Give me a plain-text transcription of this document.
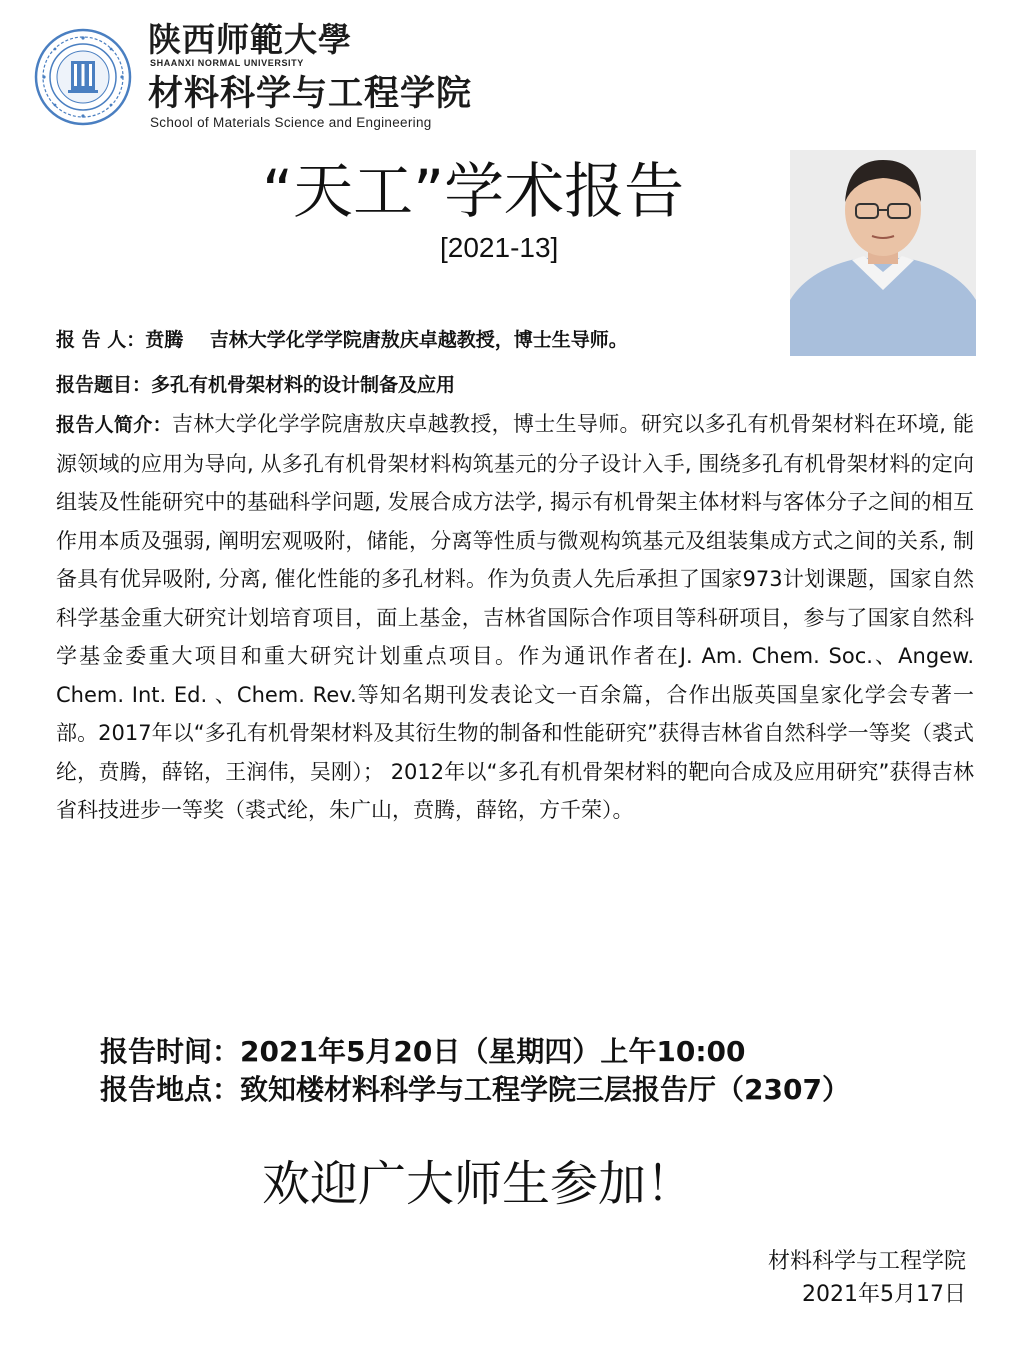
陕西师範大學
SHAANXI NORMAL UNIVERSITY
材料科学与工程学院
School of Materials Science and Engineering
“天工”学术报告
[2021-13]
报 告 人：贲腾 吉林大学化学学院唐敖庆卓越教授，博士生导师。
报告题目：多孔有机骨架材料的设计制备及应用
报告人简介：吉林大学化学学院唐敖庆卓越教授，博士生导师。研究以多孔有机骨架材料在环境, 能源领域的应用为导向, 从多孔有机骨架材料构筑基元的分子设计入手, 围绕多孔有机骨架材料的定向组装及性能研究中的基础科学问题, 发展合成方法学, 揭示有机骨架主体材料与客体分子之间的相互作用本质及强弱, 阐明宏观吸附，储能，分离等性质与微观构筑基元及组装集成方式之间的关系, 制备具有优异吸附, 分离, 催化性能的多孔材料。作为负责人先后承担了国家973计划课题，国家自然科学基金重大研究计划培育项目，面上基金，吉林省国际合作项目等科研项目，参与了国家自然科学基金委重大项目和重大研究计划重点项目。作为通讯作者在J. Am. Chem. Soc.、Angew. Chem. Int. Ed. 、Chem. Rev.等知名期刊发表论文一百余篇，合作出版英国皇家化学会专著一部。2017年以“多孔有机骨架材料及其衍生物的制备和性能研究”获得吉林省自然科学一等奖（裘式纶，贲腾，薛铭，王润伟，吴刚）； 2012年以“多孔有机骨架材料的靶向合成及应用研究”获得吉林省科技进步一等奖（裘式纶，朱广山，贲腾，薛铭，方千荣）。
报告时间：2021年5月20日（星期四）上午10:00
报告地点：致知楼材料科学与工程学院三层报告厅（2307）
欢迎广大师生参加！
材料科学与工程学院
2021年5月17日
